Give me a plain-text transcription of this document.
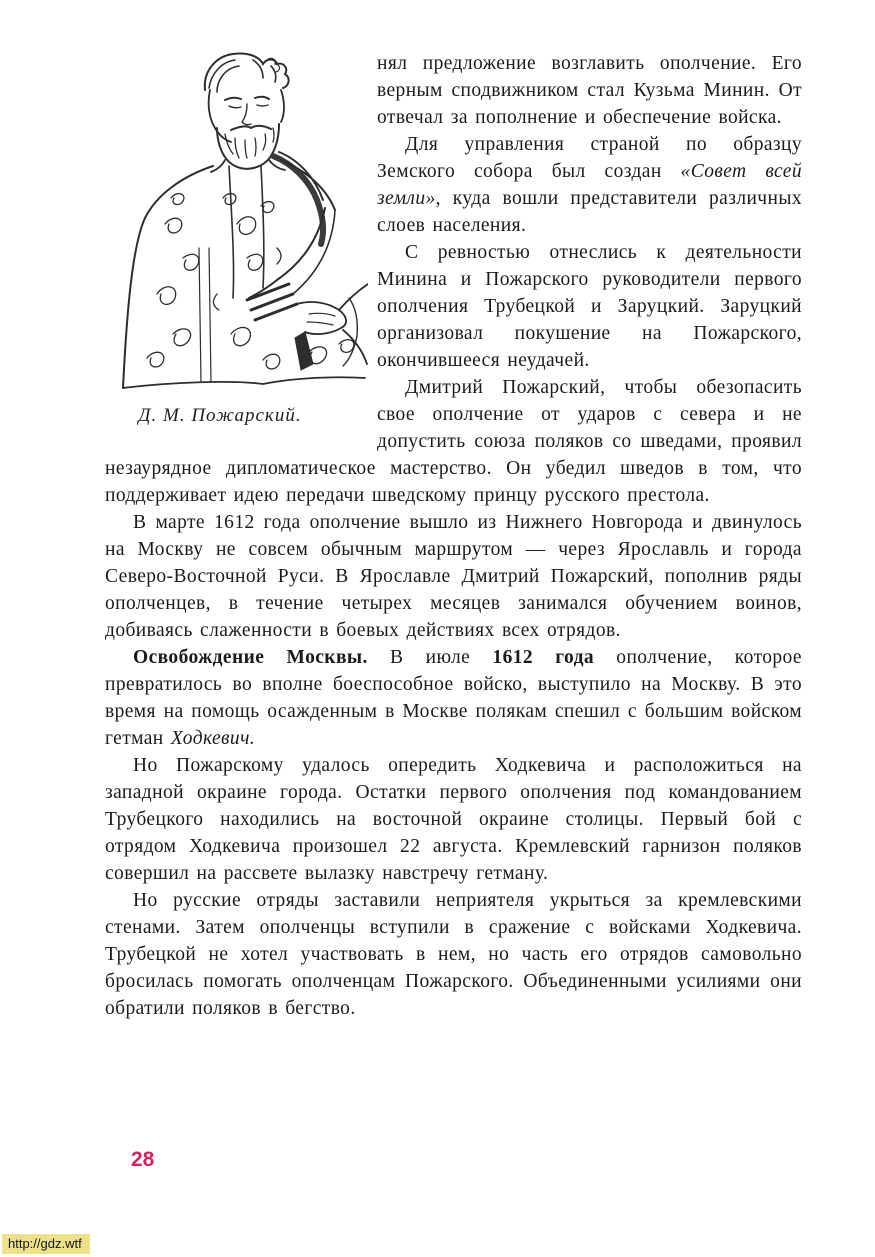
Д. М. Пожарский.

нял предложение возглавить ополчение. Его верным сподвижником стал Кузьма Минин. От отвечал за пополнение и обеспечение войска.

Для управления страной по образцу Земского собора был создан «Совет всей земли», куда вошли представители различных слоев населения.

С ревностью отнеслись к деятельности Минина и Пожарского руководители первого ополчения Трубецкой и Заруцкий. Заруцкий организовал покушение на Пожарского, окончившееся неудачей.

Дмитрий Пожарский, чтобы обезопасить свое ополчение от ударов с севера и не допустить союза поляков со шведами, проявил незаурядное дипломатическое мастерство. Он убедил шведов в том, что поддерживает идею передачи шведскому принцу русского престола.

В марте 1612 года ополчение вышло из Нижнего Новгорода и двинулось на Москву не совсем обычным маршрутом — через Ярославль и города Северо-Восточной Руси. В Ярославле Дмитрий Пожарский, пополнив ряды ополченцев, в течение четырех месяцев занимался обучением воинов, добиваясь слаженности в боевых действиях всех отрядов.

Освобождение Москвы. В июле 1612 года ополчение, которое превратилось во вполне боеспособное войско, выступило на Москву. В это время на помощь осажденным в Москве полякам спешил с большим войском гетман Ходкевич.

Но Пожарскому удалось опередить Ходкевича и расположиться на западной окраине города. Остатки первого ополчения под командованием Трубецкого находились на восточной окраине столицы. Первый бой с отрядом Ходкевича произошел 22 августа. Кремлевский гарнизон поляков совершил на рассвете вылазку навстречу гетману.

Но русские отряды заставили неприятеля укрыться за кремлевскими стенами. Затем ополченцы вступили в сражение с войсками Ходкевича. Трубецкой не хотел участвовать в нем, но часть его отрядов самовольно бросилась помогать ополченцам Пожарского. Объединенными усилиями они обратили поляков в бегство.

28
http://gdz.wtf
